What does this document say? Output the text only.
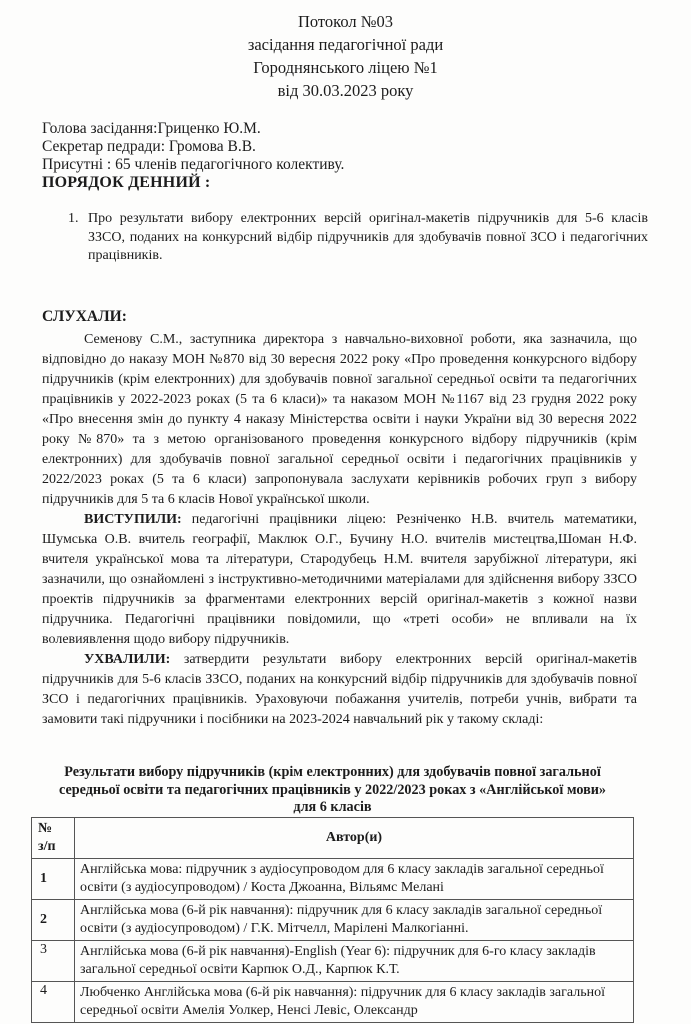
Потокол №03
засідання педагогічної ради
Городнянського ліцею №1
від 30.03.2023 року
Голова засідання:Гриценко Ю.М.
Секретар педради: Громова В.В.
Присутні : 65 членів педагогічного колективу.
ПОРЯДОК ДЕННИЙ :
1. Про результати вибору електронних версій оригінал-макетів підручників для 5-6 класів ЗЗСО, поданих на конкурсний відбір підручників для здобувачів повної ЗСО і педагогічних працівників.
СЛУХАЛИ:

Семенову С.М., заступника директора з навчально-виховної роботи, яка зазначила, що відповідно до наказу МОН №870 від 30 вересня 2022 року «Про проведення конкурсного відбору підручників (крім електронних) для здобувачів повної загальної середньої освіти та педагогічних працівників у 2022-2023 роках (5 та 6 класи)» та наказом МОН №1167 від 23 грудня 2022 року «Про внесення змін до пункту 4 наказу Міністерства освіти і науки України від 30 вересня 2022 року №870» та з метою організованого проведення конкурсного відбору підручників (крім електронних) для здобувачів повної загальної середньої освіти і педагогічних працівників у 2022/2023 роках (5 та 6 класи) запропонувала заслухати керівників робочих груп з вибору підручників для 5 та 6 класів Нової української школи.

ВИСТУПИЛИ: педагогічні працівники ліцею: Резніченко Н.В. вчитель математики, Шумська О.В. вчитель географії, Маклюк О.Г., Бучину Н.О. вчителів мистецтва,Шоман Н.Ф. вчителя української мова та літератури, Стародубець Н.М. вчителя зарубіжної літератури, які зазначили, що ознайомлені з інструктивно-методичними матеріалами для здійснення вибору ЗЗСО проектів підручників за фрагментами електронних версій оригінал-макетів з кожної назви підручника. Педагогічні працівники повідомили, що «треті особи» не впливали на їх волевиявлення щодо вибору підручників.

УХВАЛИЛИ: затвердити результати вибору електронних версій оригінал-макетів підручників для 5-6 класів ЗЗСО, поданих на конкурсний відбір підручників для здобувачів повної ЗСО і педагогічних працівників. Ураховуючи побажання учителів, потреби учнів, вибрати та замовити такі підручники і посібники на 2023-2024 навчальний рік у такому складі:

Результати вибору підручників (крім електронних) для здобувачів повної загальної
середньої освіти та педагогічних працівників у 2022/2023 роках з «Англійської мови»
для 6 класів
№
з/п	Автор(и)
1	Англійська мова: підручник з аудіосупроводом для 6 класу закладів загальної середньої освіти (з аудіосупроводом) / Коста Джоанна, Вільямс Мелані
2	Англійська мова (6-й рік навчання): підручник для 6 класу закладів загальної середньої освіти (з аудіосупроводом) / Г.К. Мітчелл, Марілені Малкогіанні.
3	Англійська мова (6-й рік навчання)-English (Year 6): підручник для 6-го класу закладів загальної середньої освіти Карпюк О.Д., Карпюк К.Т.
4	Любченко Англійська мова (6-й рік навчання): підручник для 6 класу закладів загальної середньої освіти Амелія Уолкер, Ненсі Левіс, Олександр
